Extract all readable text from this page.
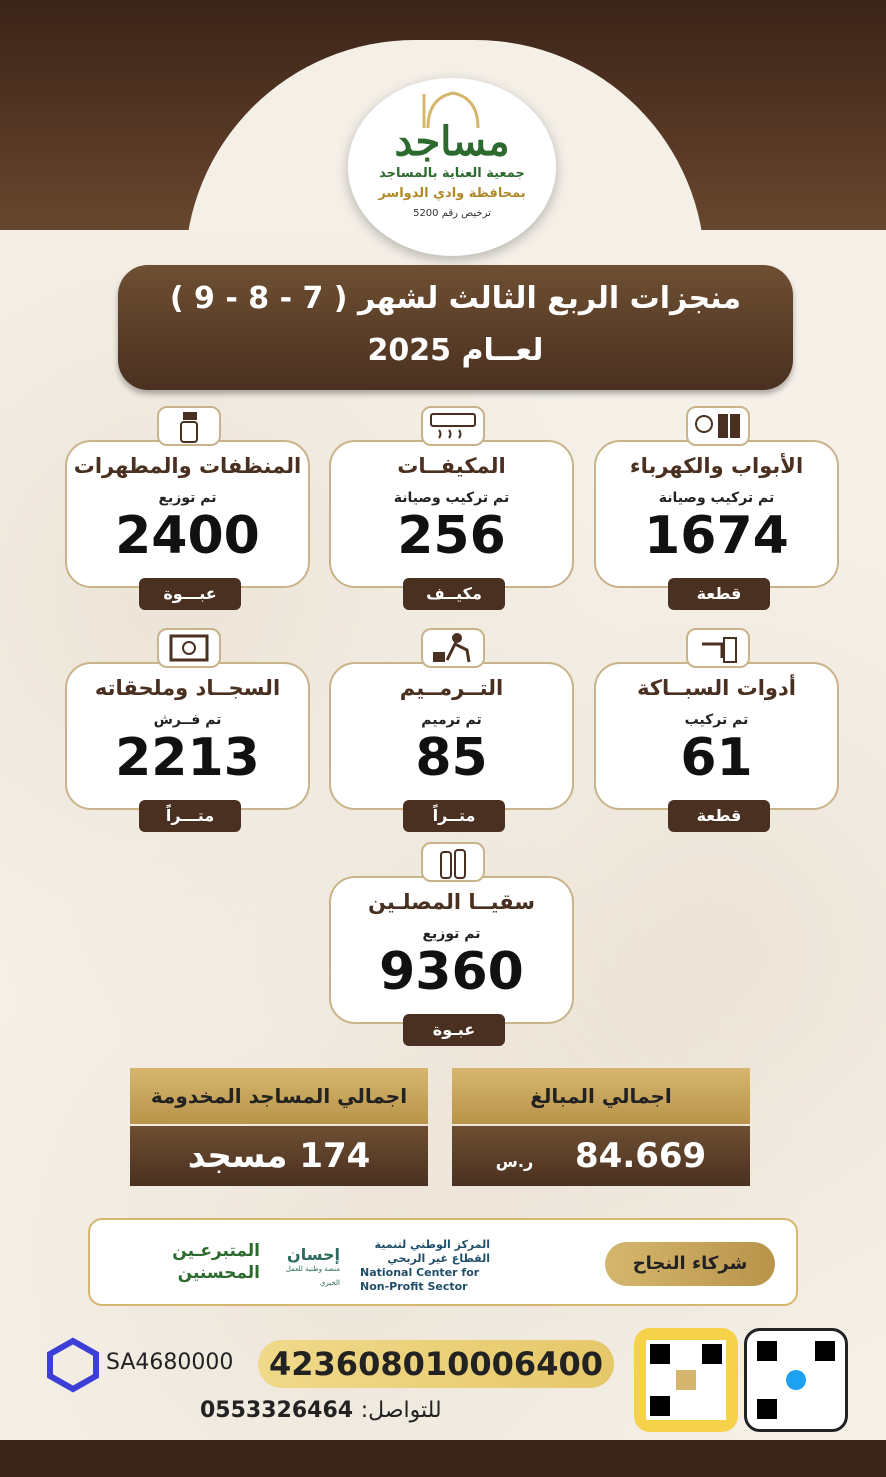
مساجد
جمعية العناية بالمساجد
بمحافظة وادي الدواسر
ترخيص رقم 5200
منجزات الربع الثالث لشهر ( 7 - 8 - 9 )
لعــام 2025
الأبواب والكهرباء
تم تركيب وصيانة
1674
قطعة
المكيفــات
تم تركيب وصيانة
256
مكيــف
المنظفات والمطهرات
تم توزيع
2400
عبـــوة
أدوات السبــاكة
تم تركيب
61
قطعة
التــرمــيم
تم ترميم
85
متــراً
السجــاد وملحقاته
تم فــرش
2213
متـــراً
سقيــا المصلـين
تم توزيع
9360
عبـوة
اجمالي المبالغ
84.669 ر.س
اجمالي المساجد المخدومة
174 مسجد
شركاء النجاح
المركز الوطني لتنمية القطاع غير الربحي
National Center for Non-Profit Sector
إحسان
منصة وطنية للعمل الخيري
المتبرعـين
المحسنين
SA4680000	423608010006400
للتواصل: 0553326464
